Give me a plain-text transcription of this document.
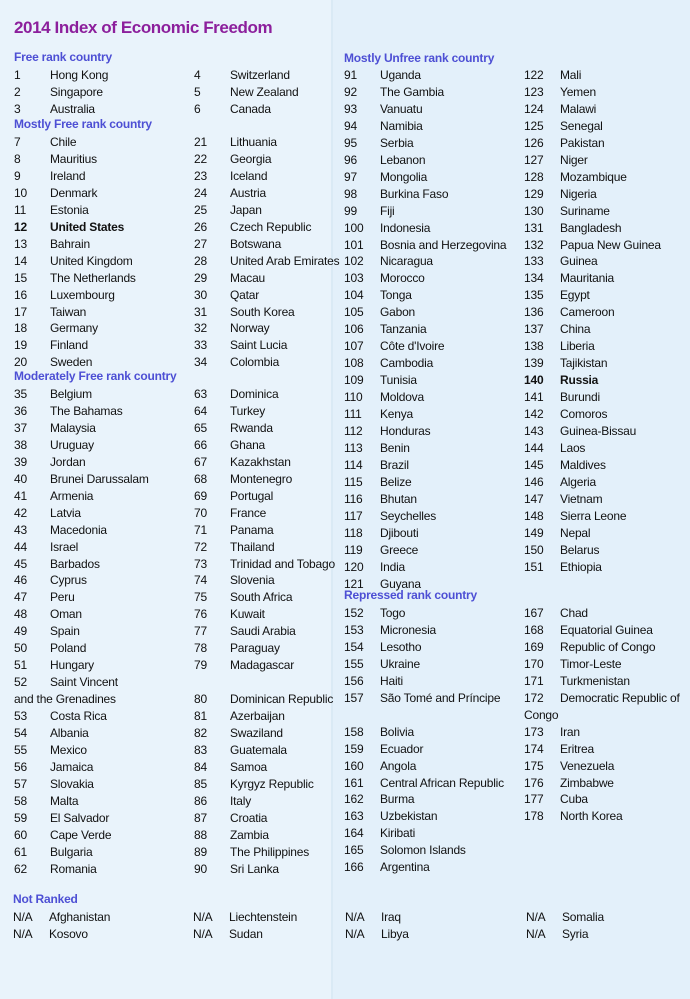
2014 Index of Economic Freedom
Free rank country
1 Hong Kong
2 Singapore
3 Australia
4 Switzerland
5 New Zealand
6 Canada
Mostly Free rank country
7 Chile
8 Mauritius
9 Ireland
10 Denmark
11 Estonia
12 United States
13 Bahrain
14 United Kingdom
15 The Netherlands
16 Luxembourg
17 Taiwan
18 Germany
19 Finland
20 Sweden
21 Lithuania
22 Georgia
23 Iceland
24 Austria
25 Japan
26 Czech Republic
27 Botswana
28 United Arab Emirates
29 Macau
30 Qatar
31 South Korea
32 Norway
33 Saint Lucia
34 Colombia
Moderately Free rank country
35 Belgium
36 The Bahamas
37 Malaysia
38 Uruguay
39 Jordan
40 Brunei Darussalam
41 Armenia
42 Latvia
43 Macedonia
44 Israel
45 Barbados
46 Cyprus
47 Peru
48 Oman
49 Spain
50 Poland
51 Hungary
52 Saint Vincent
and the Grenadines
53 Costa Rica
54 Albania
55 Mexico
56 Jamaica
57 Slovakia
58 Malta
59 El Salvador
60 Cape Verde
61 Bulgaria
62 Romania
63 Dominica
64 Turkey
65 Rwanda
66 Ghana
67 Kazakhstan
68 Montenegro
69 Portugal
70 France
71 Panama
72 Thailand
73 Trinidad and Tobago
74 Slovenia
75 South Africa
76 Kuwait
77 Saudi Arabia
78 Paraguay
79 Madagascar
80 Dominican Republic
81 Azerbaijan
82 Swaziland
83 Guatemala
84 Samoa
85 Kyrgyz Republic
86 Italy
87 Croatia
88 Zambia
89 The Philippines
90 Sri Lanka
Mostly Unfree rank country
91 Uganda
92 The Gambia
93 Vanuatu
94 Namibia
95 Serbia
96 Lebanon
97 Mongolia
98 Burkina Faso
99 Fiji
100 Indonesia
101 Bosnia and Herzegovina
102 Nicaragua
103 Morocco
104 Tonga
105 Gabon
106 Tanzania
107 Côte d'Ivoire
108 Cambodia
109 Tunisia
110 Moldova
111 Kenya
112 Honduras
113 Benin
114 Brazil
115 Belize
116 Bhutan
117 Seychelles
118 Djibouti
119 Greece
120 India
121 Guyana
122 Mali
123 Yemen
124 Malawi
125 Senegal
126 Pakistan
127 Niger
128 Mozambique
129 Nigeria
130 Suriname
131 Bangladesh
132 Papua New Guinea
133 Guinea
134 Mauritania
135 Egypt
136 Cameroon
137 China
138 Liberia
139 Tajikistan
140 Russia
141 Burundi
142 Comoros
143 Guinea-Bissau
144 Laos
145 Maldives
146 Algeria
147 Vietnam
148 Sierra Leone
149 Nepal
150 Belarus
151 Ethiopia
Repressed rank country
152 Togo
153 Micronesia
154 Lesotho
155 Ukraine
156 Haiti
157 São Tomé and Príncipe
158 Bolivia
159 Ecuador
160 Angola
161 Central African Republic
162 Burma
163 Uzbekistan
164 Kiribati
165 Solomon Islands
166 Argentina
167 Chad
168 Equatorial Guinea
169 Republic of Congo
170 Timor-Leste
171 Turkmenistan
172 Democratic Republic of
Congo
173 Iran
174 Eritrea
175 Venezuela
176 Zimbabwe
177 Cuba
178 North Korea
Not Ranked
N/A Afghanistan
N/A Kosovo
N/A Liechtenstein
N/A Sudan
N/A Iraq
N/A Libya
N/A Somalia
N/A Syria
